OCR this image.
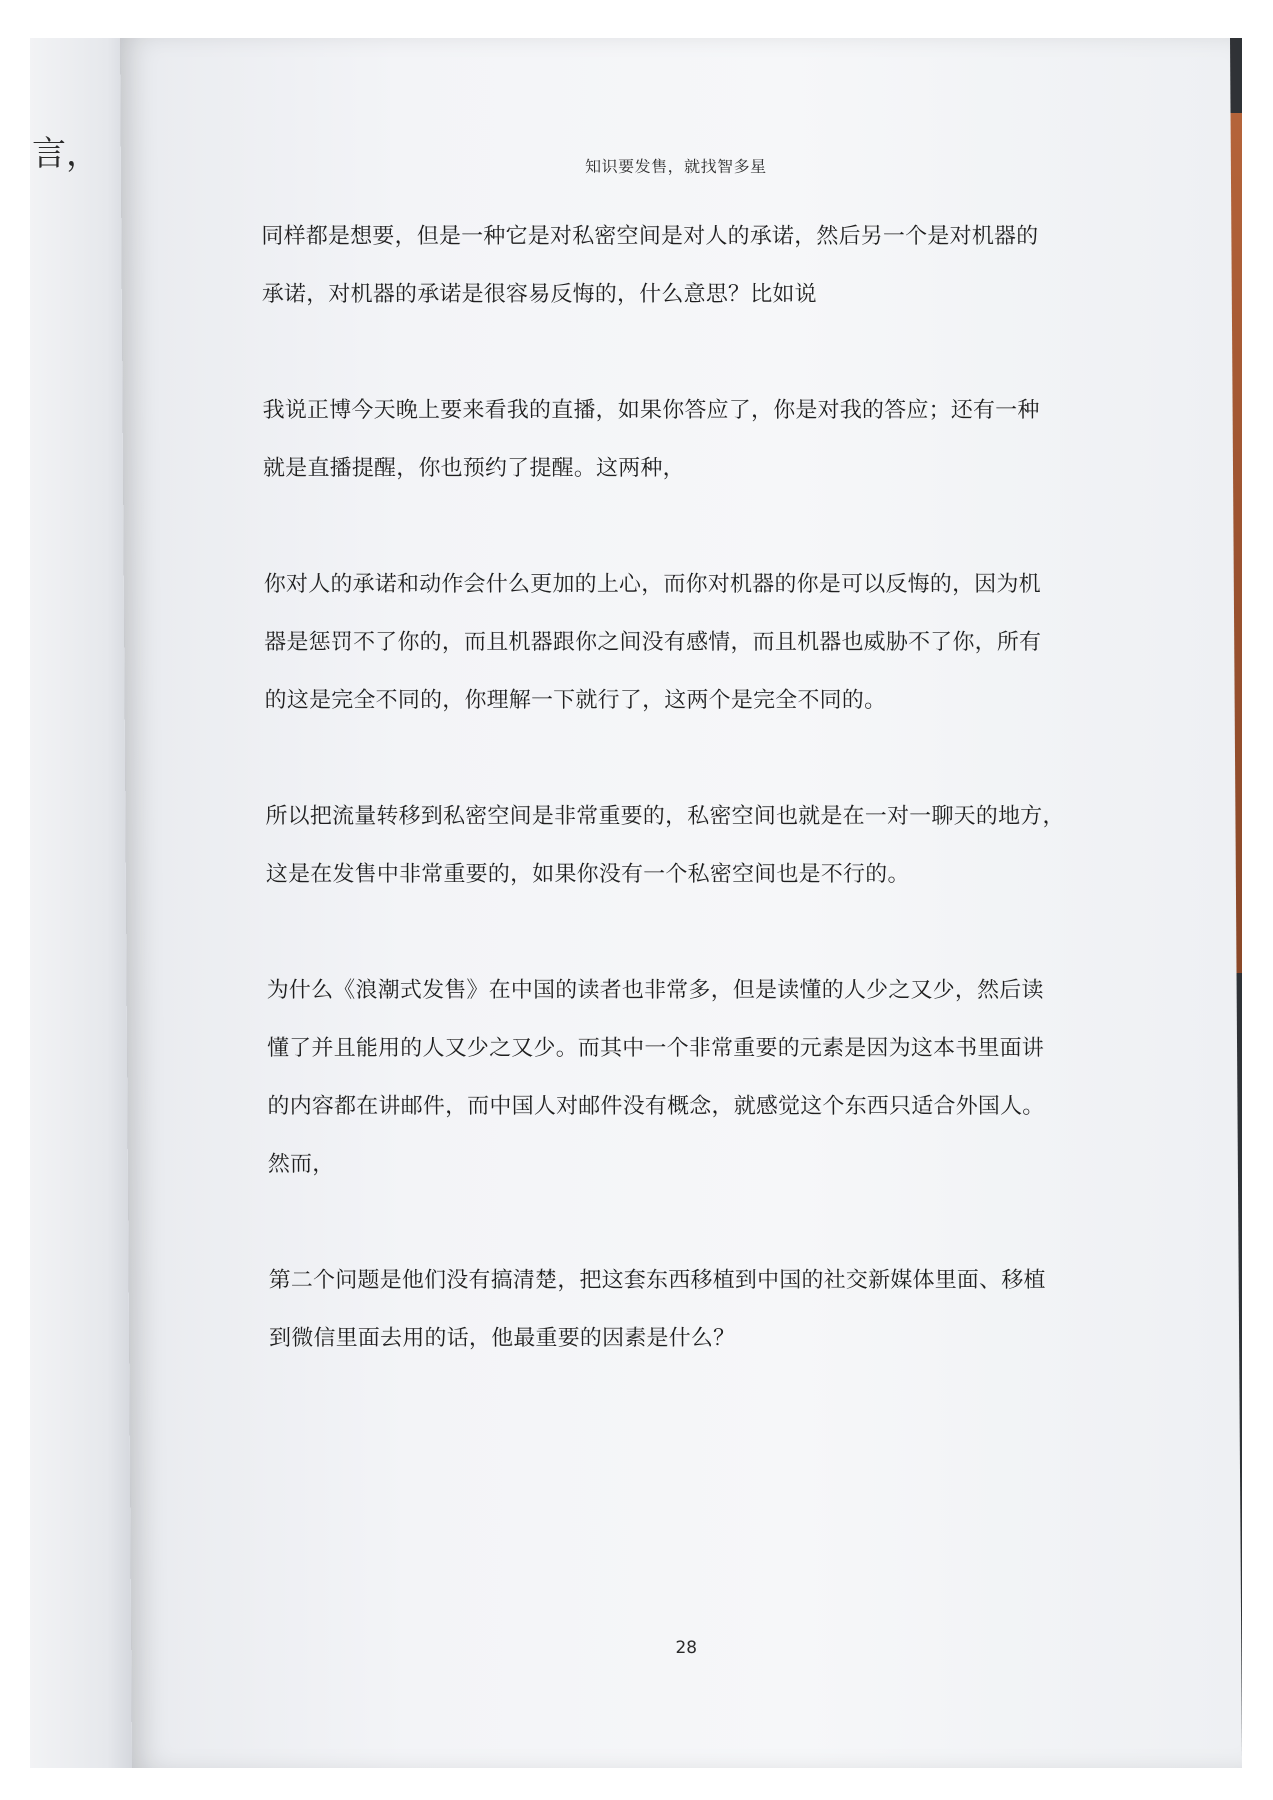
言，	知识要发售，就找智多星
同样都是想要，但是一种它是对私密空间是对人的承诺，然后另一个是对机器的
承诺，对机器的承诺是很容易反悔的，什么意思？比如说
我说正博今天晚上要来看我的直播，如果你答应了，你是对我的答应；还有一种
就是直播提醒，你也预约了提醒。这两种，
你对人的承诺和动作会什么更加的上心，而你对机器的你是可以反悔的，因为机
器是惩罚不了你的，而且机器跟你之间没有感情，而且机器也威胁不了你，所有
的这是完全不同的，你理解一下就行了，这两个是完全不同的。
所以把流量转移到私密空间是非常重要的，私密空间也就是在一对一聊天的地方，
这是在发售中非常重要的，如果你没有一个私密空间也是不行的。
为什么《浪潮式发售》在中国的读者也非常多，但是读懂的人少之又少，然后读
懂了并且能用的人又少之又少。而其中一个非常重要的元素是因为这本书里面讲
的内容都在讲邮件，而中国人对邮件没有概念，就感觉这个东西只适合外国人。
然而，
第二个问题是他们没有搞清楚，把这套东西移植到中国的社交新媒体里面、移植
到微信里面去用的话，他最重要的因素是什么？
28
